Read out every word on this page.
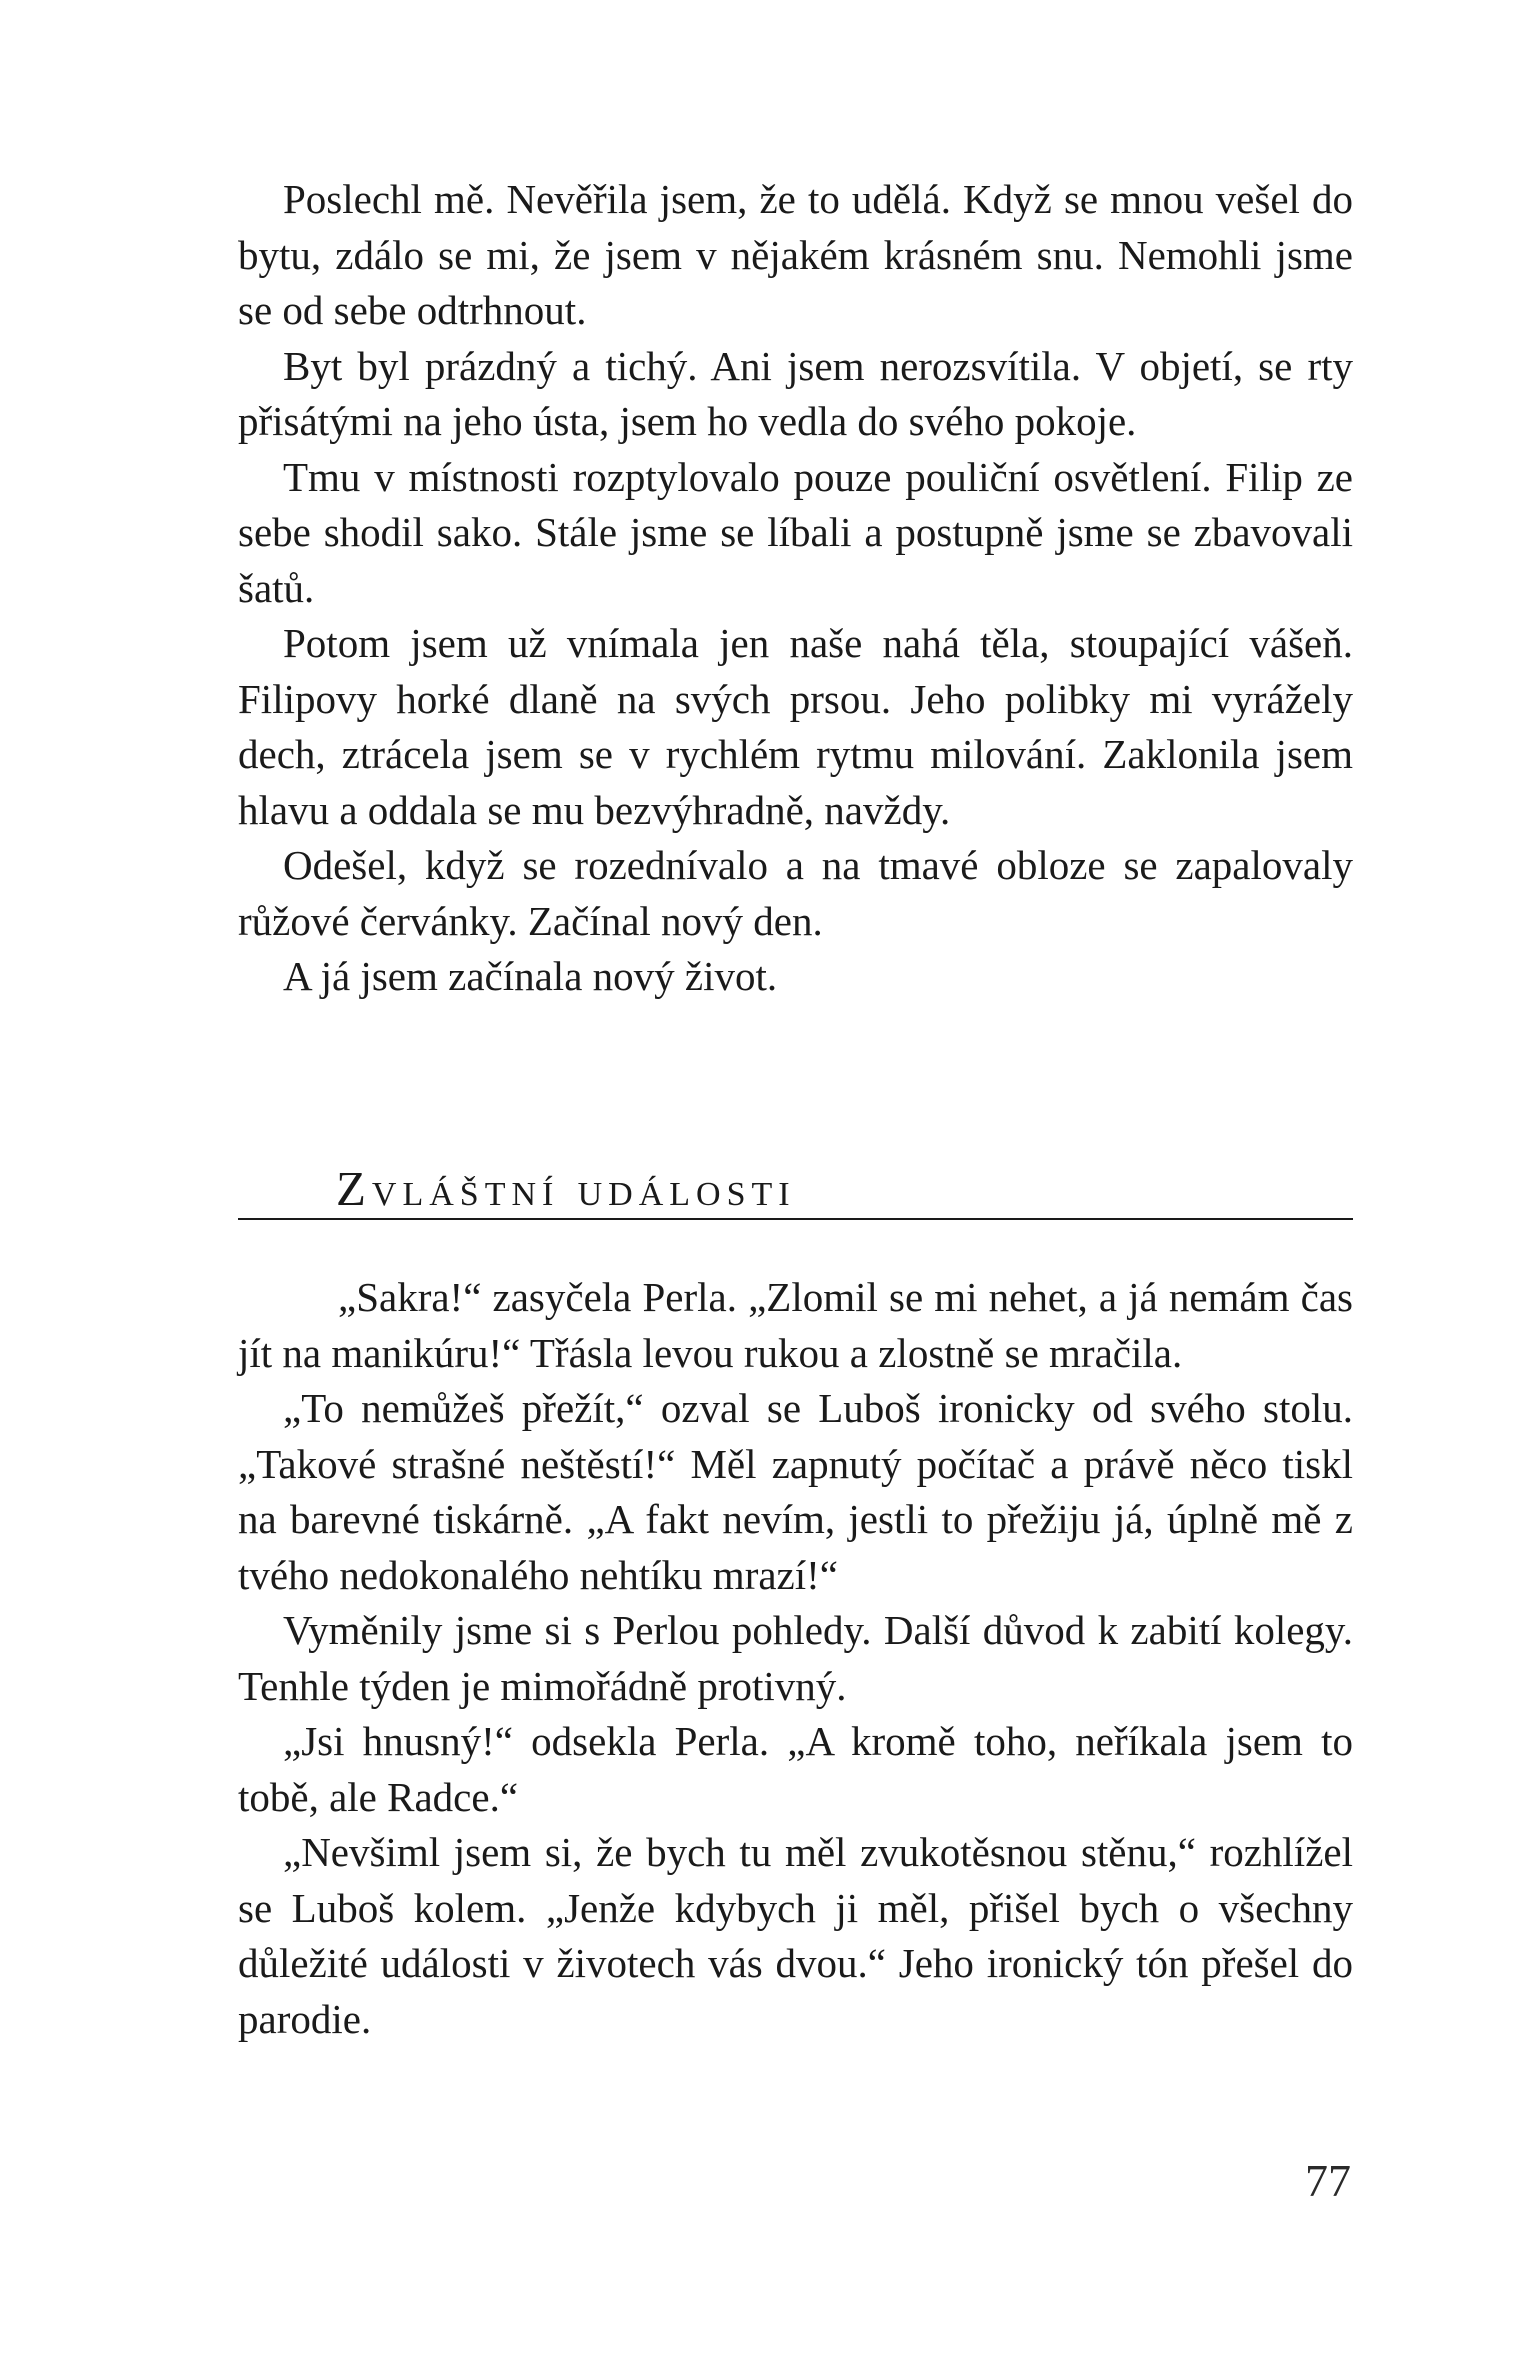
Poslechl mě. Nevěřila jsem, že to udělá. Když se mnou vešel do bytu, zdálo se mi, že jsem v nějakém krásném snu. Nemohli jsme se od sebe odtrhnout.

Byt byl prázdný a tichý. Ani jsem nerozsvítila. V objetí, se rty přisátými na jeho ústa, jsem ho vedla do svého pokoje.

Tmu v místnosti rozptylovalo pouze pouliční osvětlení. Filip ze sebe shodil sako. Stále jsme se líbali a postupně jsme se zbavovali šatů.

Potom jsem už vnímala jen naše nahá těla, stoupající vášeň. Filipovy horké dlaně na svých prsou. Jeho polibky mi vyrážely dech, ztrácela jsem se v rychlém rytmu milování. Zaklonila jsem hlavu a oddala se mu bezvýhradně, navždy.

Odešel, když se rozednívalo a na tmavé obloze se zapalovaly růžové červánky. Začínal nový den.

A já jsem začínala nový život.

Zvláštní události

„Sakra!“ zasyčela Perla. „Zlomil se mi nehet, a já nemám čas jít na manikúru!“ Třásla levou rukou a zlostně se mračila.

„To nemůžeš přežít,“ ozval se Luboš ironicky od svého stolu. „Takové strašné neštěstí!“ Měl zapnutý počítač a právě něco tiskl na barevné tiskárně. „A fakt nevím, jestli to přežiju já, úplně mě z tvého nedokonalého nehtíku mrazí!“

Vyměnily jsme si s Perlou pohledy. Další důvod k zabití kolegy. Tenhle týden je mimořádně protivný.

„Jsi hnusný!“ odsekla Perla. „A kromě toho, neříkala jsem to tobě, ale Radce.“

„Nevšiml jsem si, že bych tu měl zvukotěsnou stěnu,“ rozhlížel se Luboš kolem. „Jenže kdybych ji měl, přišel bych o všechny důležité události v životech vás dvou.“ Jeho ironický tón přešel do parodie.

77
